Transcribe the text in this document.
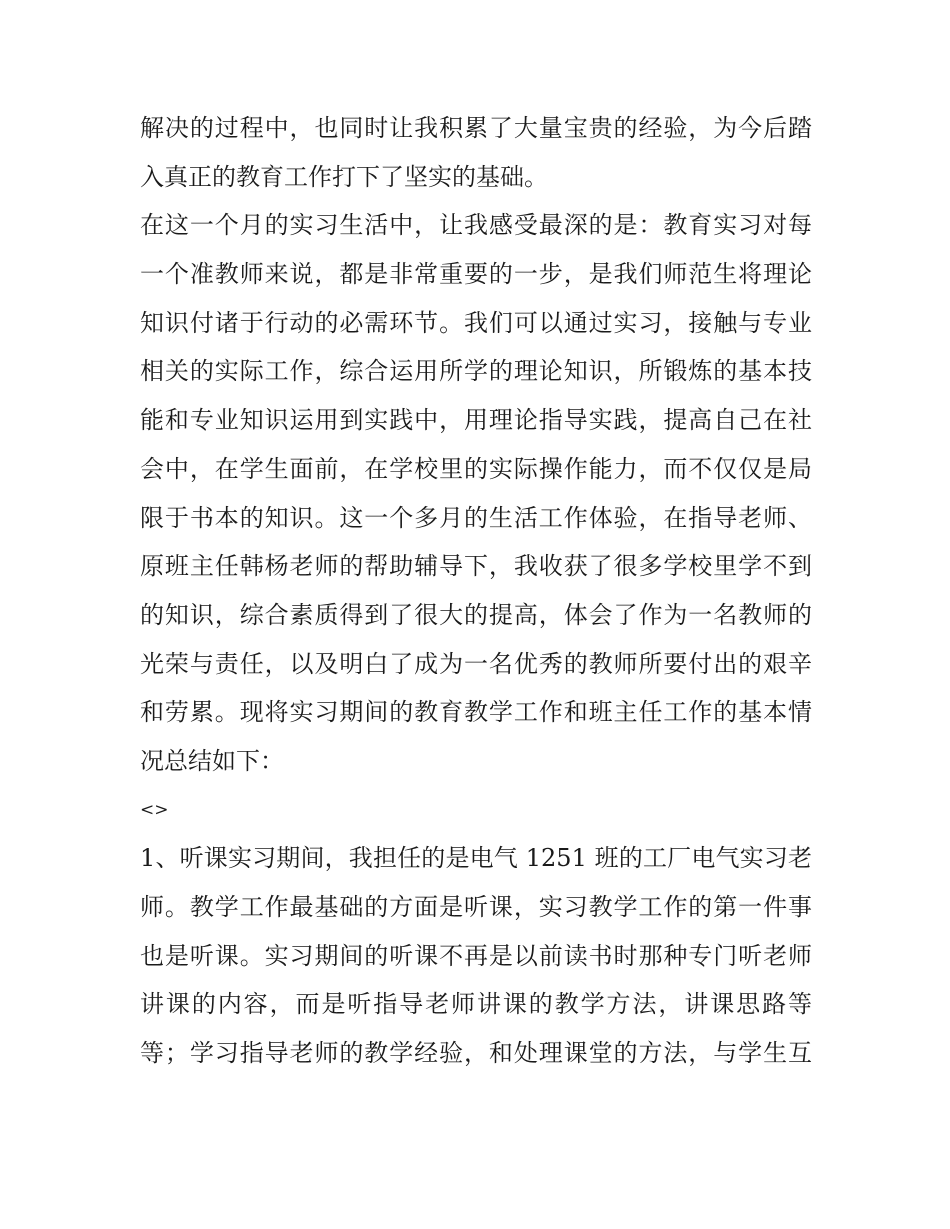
解决的过程中，也同时让我积累了大量宝贵的经验，为今后踏
入真正的教育工作打下了坚实的基础。
在这一个月的实习生活中，让我感受最深的是：教育实习对每
一个准教师来说，都是非常重要的一步，是我们师范生将理论
知识付诸于行动的必需环节。我们可以通过实习，接触与专业
相关的实际工作，综合运用所学的理论知识，所锻炼的基本技
能和专业知识运用到实践中，用理论指导实践，提高自己在社
会中，在学生面前，在学校里的实际操作能力，而不仅仅是局
限于书本的知识。这一个多月的生活工作体验，在指导老师、
原班主任韩杨老师的帮助辅导下，我收获了很多学校里学不到
的知识，综合素质得到了很大的提高，体会了作为一名教师的
光荣与责任，以及明白了成为一名优秀的教师所要付出的艰辛
和劳累。现将实习期间的教育教学工作和班主任工作的基本情
况总结如下：
<>
1、听课实习期间，我担任的是电气 1251 班的工厂电气实习老
师。教学工作最基础的方面是听课，实习教学工作的第一件事
也是听课。实习期间的听课不再是以前读书时那种专门听老师
讲课的内容，而是听指导老师讲课的教学方法，讲课思路等
等；学习指导老师的教学经验，和处理课堂的方法，与学生互
